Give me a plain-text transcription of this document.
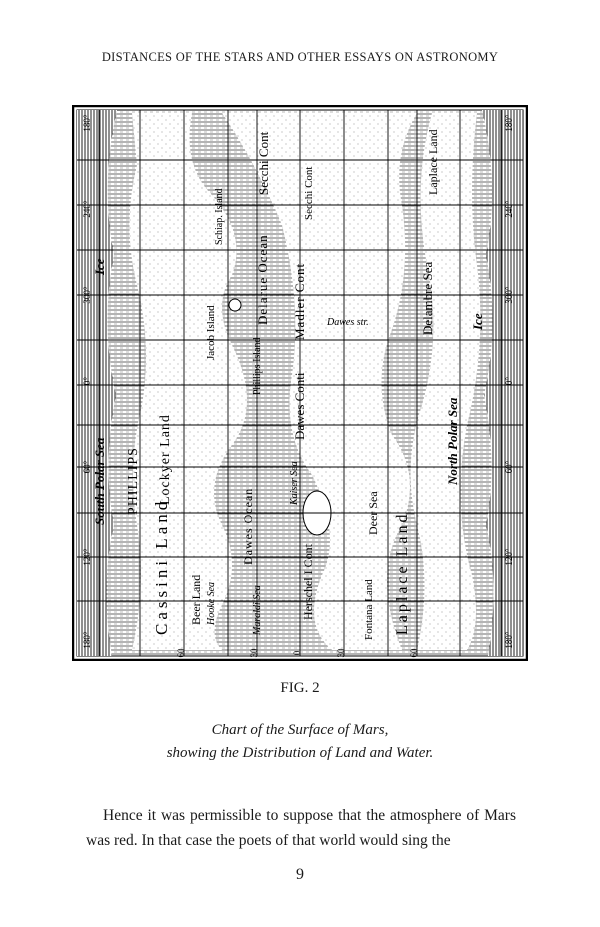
DISTANCES OF THE STARS AND OTHER ESSAYS ON ASTRONOMY
180°
240°
300°
0°
60°
120°
180°
180°
240°
300°
0°
60°
120°
180°
60	30	0	30	60
Ice
South Polar Sea PHILLIPS
Cassini Land
Lockyer Land
Beer Land Hooke Sea
Jacob Island
Schiap. Island
Dawes Ocean
Maraldi Sea
Phillips Island
Delarue Ocean
Secchi Cont
Kaiser Sea
Herschel I Cont
Dawes Conti
Madler Cont
Secchi Cont
Dawes str.
Fontana Land
Deer Sea Laplace Land
Delambre Sea
Laplace Land
North Polar Sea
Ice
FIG. 2
Chart of the Surface of Mars,
showing the Distribution of Land and Water.

Hence it was permissible to suppose that the atmosphere of Mars was red. In that case the poets of that world would sing the

9
